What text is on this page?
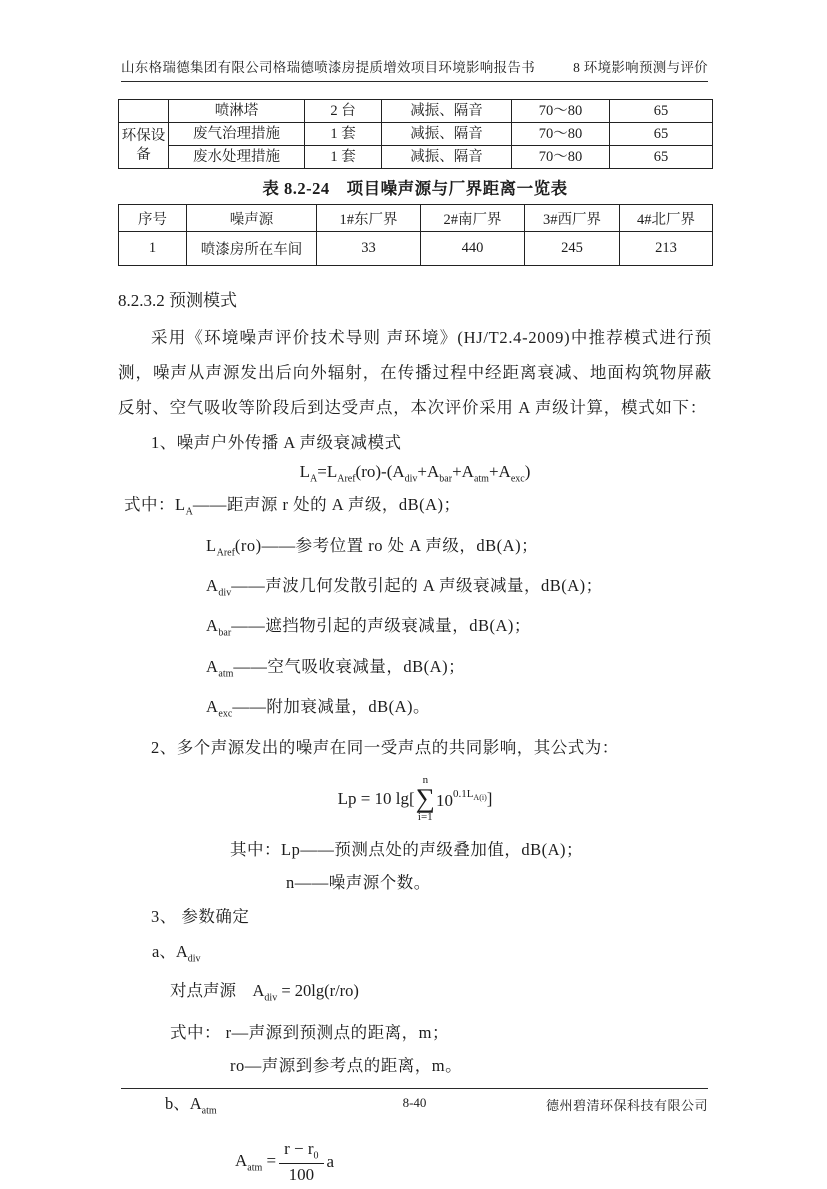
山东格瑞德集团有限公司格瑞德喷漆房提质增效项目环境影响报告书	8 环境影响预测与评价
	喷淋塔	2 台	减振、隔音	70～80	65
环保设备	废气治理措施	1 套	减振、隔音	70～80	65
	废水处理措施	1 套	减振、隔音	70～80	65
表 8.2-24　项目噪声源与厂界距离一览表
序号	噪声源	1#东厂界	2#南厂界	3#西厂界	4#北厂界
1	喷漆房所在车间	33	440	245	213
8.2.3.2 预测模式

采用《环境噪声评价技术导则 声环境》(HJ/T2.4-2009)中推荐模式进行预测，噪声从声源发出后向外辐射，在传播过程中经距离衰减、地面构筑物屏蔽反射、空气吸收等阶段后到达受声点，本次评价采用 A 声级计算，模式如下：

1、噪声户外传播 A 声级衰减模式

$L_A=L_{Aref}(ro)-(A_{div}+A_{bar}+A_{atm}+A_{exc})$

式中：$L_A——$距声源 r 处的 A 声级，dB(A)；

$L_{Aref}(ro)——$参考位置 ro 处 A 声级，dB(A)；

$A_{div}——$声波几何发散引起的 A 声级衰减量，dB(A)；

$A_{bar}——$遮挡物引起的声级衰减量，dB(A)；

$A_{atm}——$空气吸收衰减量，dB(A)；

$A_{exc}——$附加衰减量，dB(A)。

2、多个声源发出的噪声在同一受声点的共同影响，其公式为：

Lp = 10 lg[
n
∑
i=1
$10^{0.1L_{A(i)}}$ ]

其中：Lp——预测点处的声级叠加值，dB(A)；

n——噪声源个数。

3、 参数确定

a、$A_{div}$

对点声源　$A_{div} = 20\lg(r/ro)$

式中： r—声源到预测点的距离，m；

ro—声源到参考点的距离，m。

b、$A_{atm}$

$A_{atm} = \frac{r - r_0}{100}$ a
8-40	德州碧清环保科技有限公司
